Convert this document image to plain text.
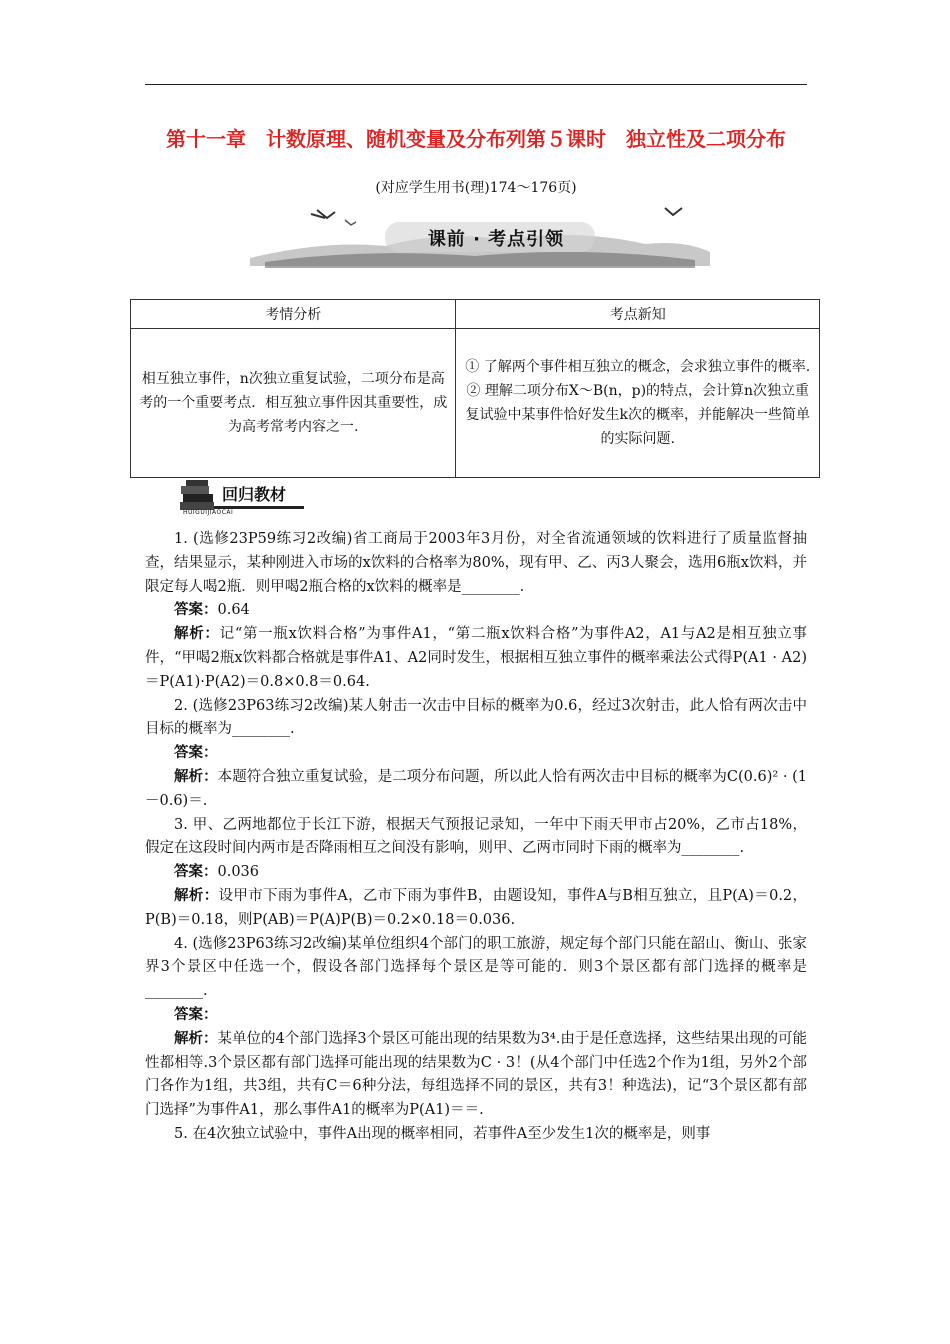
第十一章　计数原理、随机变量及分布列第５课时　独立性及二项分布
(对应学生用书(理)174～176页)
课前 · 考点引领
考情分析	考点新知
相互独立事件，n次独立重复试验，二项分布是高考的一个重要考点．相互独立事件因其重要性，成为高考常考内容之一.	① 了解两个事件相互独立的概念，会求独立事件的概率.
② 理解二项分布X～B(n，p)的特点，会计算n次独立重复试验中某事件恰好发生k次的概率，并能解决一些简单的实际问题.
回归教材
HUIGUIJIAOCAI

1. (选修23P59练习2改编)省工商局于2003年3月份，对全省流通领域的饮料进行了质量监督抽查，结果显示，某种刚进入市场的x饮料的合格率为80%，现有甲、乙、丙3人聚会，选用6瓶x饮料，并限定每人喝2瓶．则甲喝2瓶合格的x饮料的概率是________.

答案：0.64

解析：记“第一瓶x饮料合格”为事件A1，“第二瓶x饮料合格”为事件A2，A1与A2是相互独立事件，“甲喝2瓶x饮料都合格就是事件A1、A2同时发生，根据相互独立事件的概率乘法公式得P(A1 · A2)＝P(A1)·P(A2)＝0.8×0.8＝0.64.

2. (选修23P63练习2改编)某人射击一次击中目标的概率为0.6，经过3次射击，此人恰有两次击中目标的概率为________.

答案：

解析：本题符合独立重复试验，是二项分布问题，所以此人恰有两次击中目标的概率为C(0.6)² · (1－0.6)＝.

3. 甲、乙两地都位于长江下游，根据天气预报记录知，一年中下雨天甲市占20%，乙市占18%，假定在这段时间内两市是否降雨相互之间没有影响，则甲、乙两市同时下雨的概率为________.

答案：0.036

解析：设甲市下雨为事件A，乙市下雨为事件B，由题设知，事件A与B相互独立，且P(A)＝0.2，P(B)＝0.18，则P(AB)＝P(A)P(B)＝0.2×0.18＝0.036.

4. (选修23P63练习2改编)某单位组织4个部门的职工旅游，规定每个部门只能在韶山、衡山、张家界3个景区中任选一个，假设各部门选择每个景区是等可能的．则3个景区都有部门选择的概率是________.

答案：

解析：某单位的4个部门选择3个景区可能出现的结果数为3⁴.由于是任意选择，这些结果出现的可能性都相等.3个景区都有部门选择可能出现的结果数为C · 3！(从4个部门中任选2个作为1组，另外2个部门各作为1组，共3组，共有C＝6种分法，每组选择不同的景区，共有3！种选法)，记“3个景区都有部门选择”为事件A1，那么事件A1的概率为P(A1)＝＝.

5. 在4次独立试验中，事件A出现的概率相同，若事件A至少发生1次的概率是，则事
